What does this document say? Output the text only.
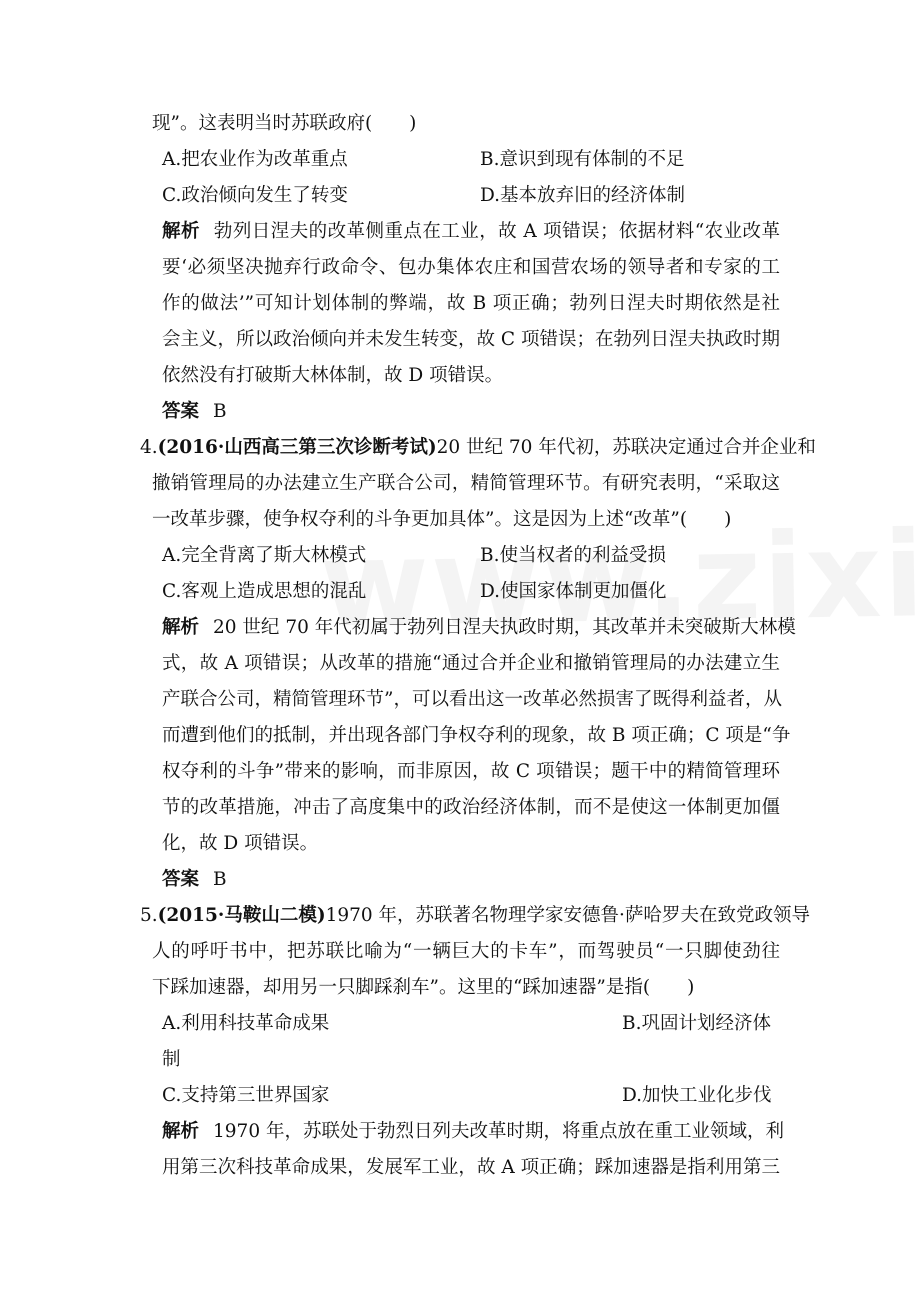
现”。这表明当时苏联政府(　　)
A.把农业作为改革重点	B.意识到现有体制的不足
C.政治倾向发生了转变	D.基本放弃旧的经济体制
解析 勃列日涅夫的改革侧重点在工业，故 A 项错误；依据材料“农业改革
要‘必须坚决抛弃行政命令、包办集体农庄和国营农场的领导者和专家的工
作的做法’”可知计划体制的弊端，故 B 项正确；勃列日涅夫时期依然是社
会主义，所以政治倾向并未发生转变，故 C 项错误；在勃列日涅夫执政时期
依然没有打破斯大林体制，故 D 项错误。
答案 B
4.(2016·山西高三第三次诊断考试)20 世纪 70 年代初，苏联决定通过合并企业和
撤销管理局的办法建立生产联合公司，精简管理环节。有研究表明，“采取这
一改革步骤，使争权夺利的斗争更加具体”。这是因为上述“改革”(　　)
A.完全背离了斯大林模式	B.使当权者的利益受损
C.客观上造成思想的混乱	D.使国家体制更加僵化
解析 20 世纪 70 年代初属于勃列日涅夫执政时期，其改革并未突破斯大林模
式，故 A 项错误；从改革的措施“通过合并企业和撤销管理局的办法建立生
产联合公司，精简管理环节”，可以看出这一改革必然损害了既得利益者，从
而遭到他们的抵制，并出现各部门争权夺利的现象，故 B 项正确；C 项是“争
权夺利的斗争”带来的影响，而非原因，故 C 项错误；题干中的精简管理环
节的改革措施，冲击了高度集中的政治经济体制，而不是使这一体制更加僵
化，故 D 项错误。
答案 B
5.(2015·马鞍山二模)1970 年，苏联著名物理学家安德鲁·萨哈罗夫在致党政领导
人的呼吁书中，把苏联比喻为“一辆巨大的卡车”，而驾驶员“一只脚使劲往
下踩加速器，却用另一只脚踩刹车”。这里的“踩加速器”是指(　　)
A.利用科技革命成果	B.巩固计划经济体
制
C.支持第三世界国家	D.加快工业化步伐
解析 1970 年，苏联处于勃烈日列夫改革时期，将重点放在重工业领域，利
用第三次科技革命成果，发展军工业，故 A 项正确；踩加速器是指利用第三
